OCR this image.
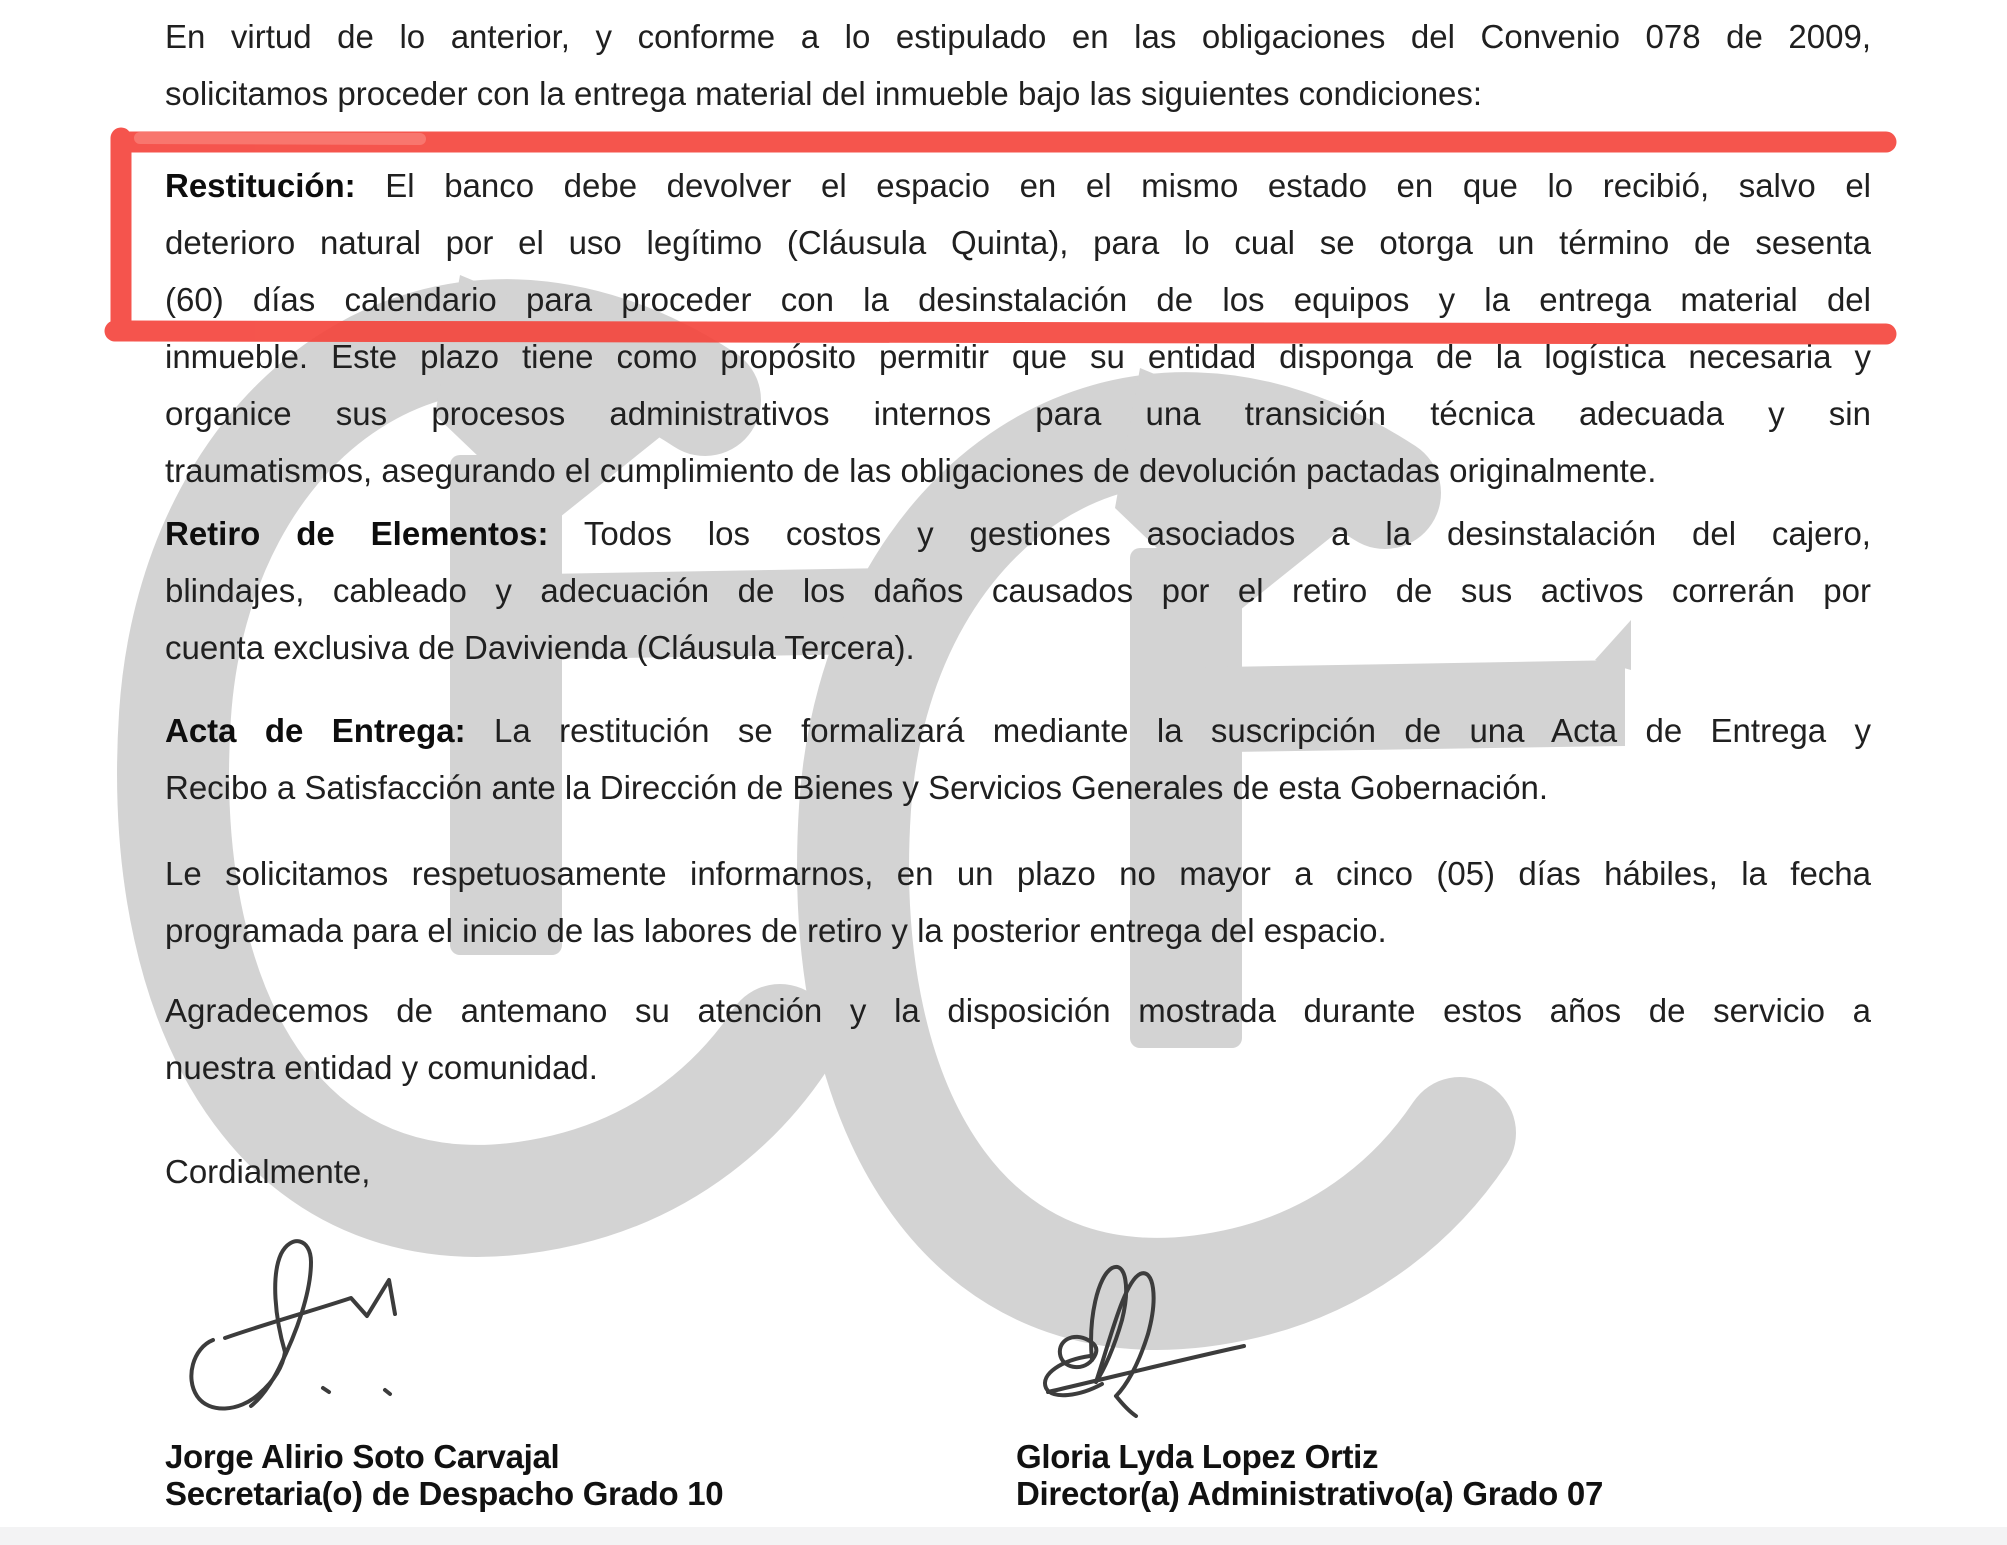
En virtud de lo anterior, y conforme a lo estipulado en las obligaciones del Convenio 078 de 2009,
solicitamos proceder con la entrega material del inmueble bajo las siguientes condiciones:
Restitución: El banco debe devolver el espacio en el mismo estado en que lo recibió, salvo el
deterioro natural por el uso legítimo (Cláusula Quinta), para lo cual se otorga un término de sesenta
(60) días calendario para proceder con la desinstalación de los equipos y la entrega material del
inmueble. Este plazo tiene como propósito permitir que su entidad disponga de la logística necesaria y
organice sus procesos administrativos internos para una transición técnica adecuada y sin
traumatismos, asegurando el cumplimiento de las obligaciones de devolución pactadas originalmente.
Retiro de Elementos: Todos los costos y gestiones asociados a la desinstalación del cajero,
blindajes, cableado y adecuación de los daños causados por el retiro de sus activos correrán por
cuenta exclusiva de Davivienda (Cláusula Tercera).
Acta de Entrega: La restitución se formalizará mediante la suscripción de una Acta de Entrega y
Recibo a Satisfacción ante la Dirección de Bienes y Servicios Generales de esta Gobernación.
Le solicitamos respetuosamente informarnos, en un plazo no mayor a cinco (05) días hábiles, la fecha
programada para el inicio de las labores de retiro y la posterior entrega del espacio.
Agradecemos de antemano su atención y la disposición mostrada durante estos años de servicio a
nuestra entidad y comunidad.
Cordialmente,
Jorge Alirio Soto Carvajal
Secretaria(o) de Despacho Grado 10
Gloria Lyda Lopez Ortiz
Director(a) Administrativo(a) Grado 07
